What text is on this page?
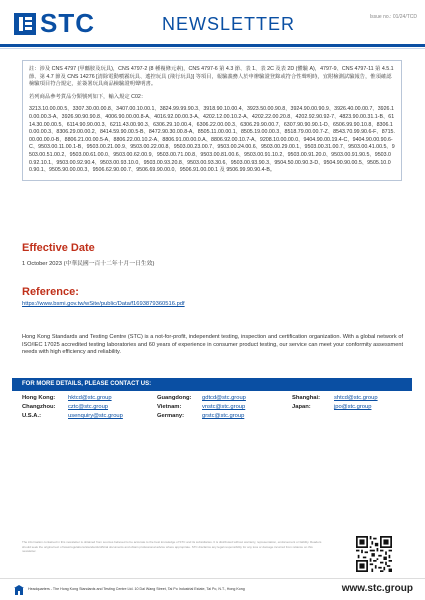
STC	NEWSLETTER	Issue no.: 01/24/TCD

註：涉及 CNS 4797 (甲醯胺及玩具)，CNS 4797-2 (8 種複條元素)，CNS 4797-6 第 4.3 節、表 1、表 2C 及表 2D (體驗 A)，4797-9、CNS 4797-11 第 4.5.1 節、第 4.7 節及 CNS 14276 [清除電動噴霧玩具、遙控玩具 (飛行玩具)] 等項目，報驗義務人於申辦驗證登錄或符合性聲明時，宜附檢測試驗報告，惟須確認檢驗項目符合規定，並簽署玩具商品檢驗證明聲明書。

若列商品參考貨品分類號列如下，輸入規定 C02：

3213.10.00.00.5、3307.30.00.00.8、3407.00.10.00.1、3824.99.99.90.3、3918.90.10.00.4、3923.50.00.90.8、3924.90.00.90.9、3926.40.00.00.7、3926.10.00.00.3-A、3926.90.90.90.8、4006.90.00.00.8-A、4016.92.00.00.3-A、4202.12.00.10.2-A、4202.22.00.20.8、4202.92.90.92-7、4823.90.00.31.1-B、6114.30.00.00.5、6114.90.90.00.3、6211.43.00.90.3、6306.29.10.00.4、6306.22.00.00.3、6306.29.90.00.7、6307.90.90.90.1-D、6506.99.90.10.8、8306.10.00.00.3、8306.29.00.00.2、8414.59.90.00.5-B、8472.90.30.00.8-A、8505.11.00.00.1、8505.19.00.00.3、8518.79.00.00.7-Z、8543.70.99.90.6-F、8715.00.00.00.0-B、8806.21.00.00.5-A、8806.22.00.10.2-A、8806.91.00.00.0.A、8806.92.00.10.7-A、9208.10.00.00.0、9404.90.00.19.4-C、9404.90.00.90.6-C、9503.00.11.00.1-B、9503.00.21.00.9、9503.00.22.00.8、9503.00.23.00.7、9503.00.24.00.6、9503.00.29.00.1、9503.00.31.00.7、9503.00.41.00.5、9503.00.51.00.2、9503.00.61.00.0、9503.00.62.00.9、9503.00.71.00.8、9503.00.81.00.6、9503.00.91.10.2、9503.00.91.20.0、9503.00.91.90.5、9503.00.92.10.1、9503.00.92.90.4、9503.00.93.10.0、9503.00.93.20.8、9503.00.93.30.6、9503.00.93.90.3、9504.50.00.90.3-D、9504.90.90.00.5、9505.10.00.90.1、9505.90.00.00.3、9506.62.90.00.7、9506.69.90.00.0、9506.91.00.00.1 及 9506.99.90.90.4-B。

Effective Date
1 October 2023 (中華民國一百十二年十月一日生效)
Reference:
https://www.bsmi.gov.tw/wSite/public/Data/f1693879360516.pdf
Hong Kong Standards and Testing Centre (STC) is a not-for-profit, independent testing, inspection and certification organization. With a global network of ISO/IEC 17025 accredited testing laboratories and 60 years of experience in consumer product testing, our service can meet your conformity assessment needs with high efficiency and reliability.
FOR MORE DETAILS, PLEASE CONTACT US:
Hong Kong: hktcd@stc.group	Guangdong: gdtcd@stc.group	Shanghai: shtcd@stc.group
Changzhou: cztc@stc.group	Vietnam:	vnstc@stc.group	Japan:	jpo@stc.group
U.S.A.:	usenquiry@stc.group	Germany:	grstc@stc.group
The information contained in this newsletter is obtained from sources believed to be accurate to the best knowledge of STC and its subsidiaries. It is distributed without warranty, representation, endorsement or liability. Readers should seek the original text of laws/regulations/standards/official documents and obtain professional advice where appropriate. STC disclaims any legal responsibility for any loss or damage incurred from reliance on this newsletter.
Headquarters - The Hong Kong Standards and Testing Centre Ltd. 10 Dai Wang Street, Tai Po Industrial Estate, Tai Po, N.T., Hong Kong	www.stc.group
